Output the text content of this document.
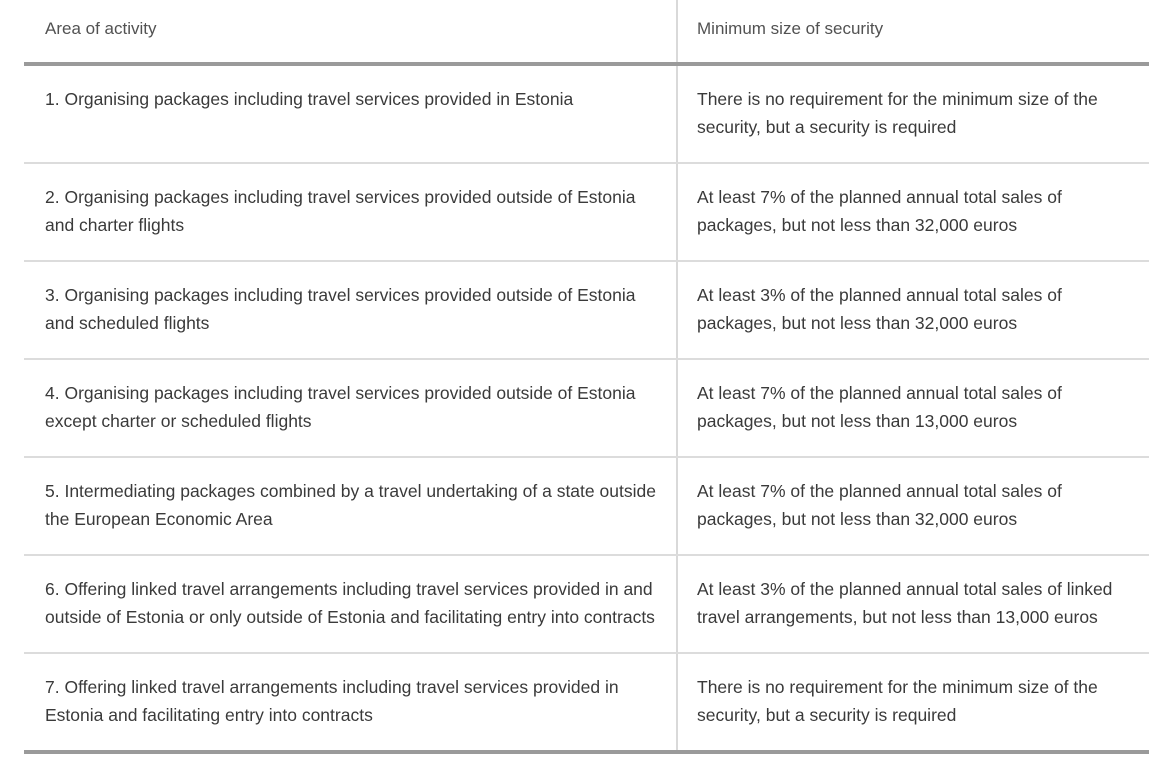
Area of activity	Minimum size of security
1. Organising packages including travel services provided in Estonia	There is no requirement for the minimum size of the security, but a security is required
2. Organising packages including travel services provided outside of Estonia and charter flights	At least 7% of the planned annual total sales of packages, but not less than 32,000 euros
3. Organising packages including travel services provided outside of Estonia and scheduled flights	At least 3% of the planned annual total sales of packages, but not less than 32,000 euros
4. Organising packages including travel services provided outside of Estonia except charter or scheduled flights	At least 7% of the planned annual total sales of packages, but not less than 13,000 euros
5. Intermediating packages combined by a travel undertaking of a state outside the European Economic Area	At least 7% of the planned annual total sales of packages, but not less than 32,000 euros
6. Offering linked travel arrangements including travel services provided in and outside of Estonia or only outside of Estonia and facilitating entry into contracts	At least 3% of the planned annual total sales of linked travel arrangements, but not less than 13,000 euros
7. Offering linked travel arrangements including travel services provided in Estonia and facilitating entry into contracts	There is no requirement for the minimum size of the security, but a security is required
